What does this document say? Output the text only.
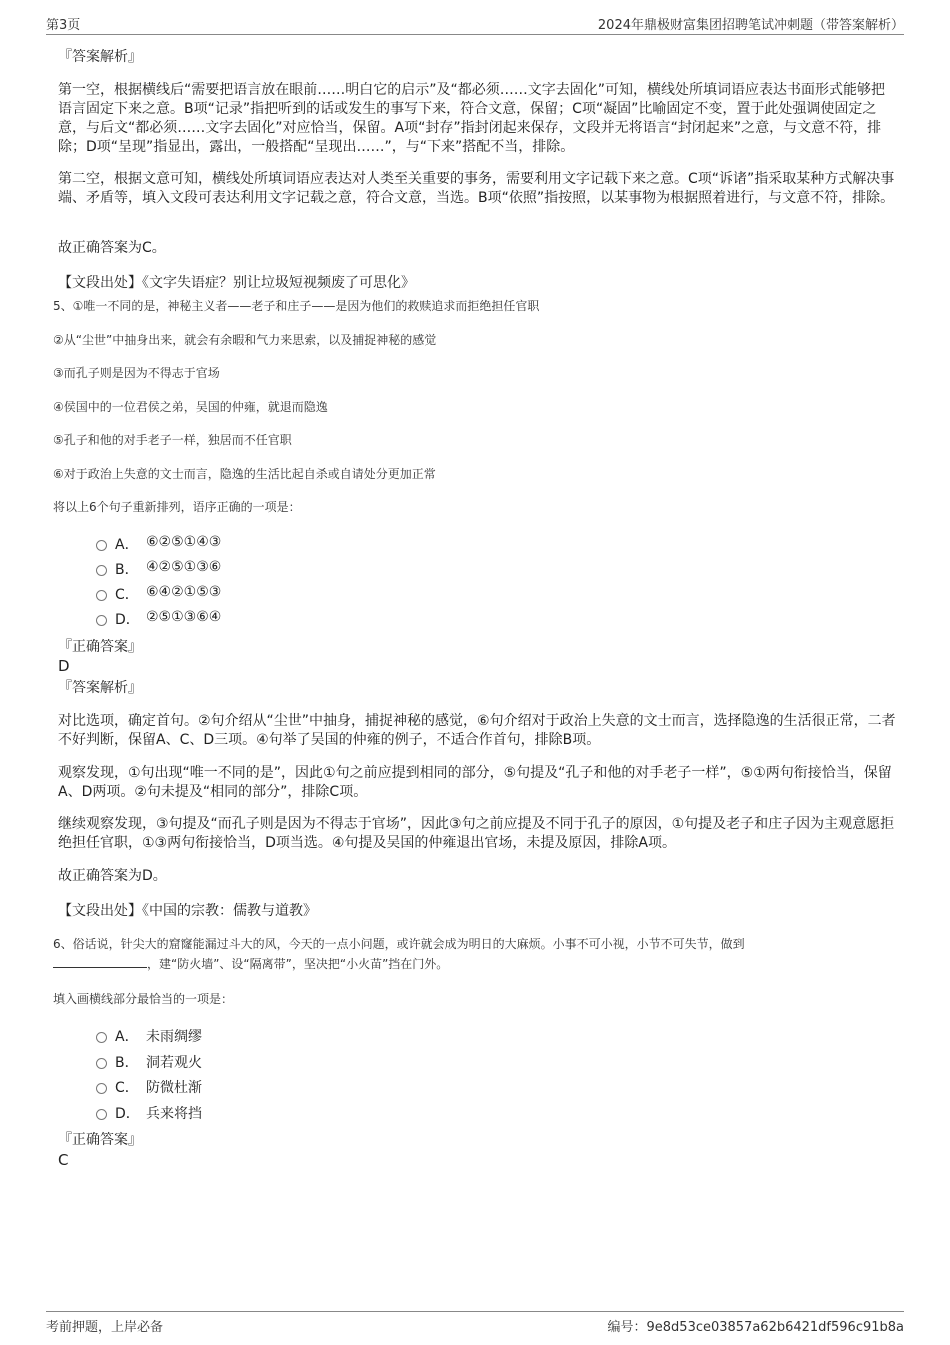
第3页	2024年鼎极财富集团招聘笔试冲刺题（带答案解析）
『答案解析』
第一空，根据横线后“需要把语言放在眼前……明白它的启示”及“都必须……文字去固化”可知，横线处所填词语应表达书面形式能够把语言固定下来之意。B项“记录”指把听到的话或发生的事写下来，符合文意，保留；C项“凝固”比喻固定不变，置于此处强调使固定之意，与后文“都必须……文字去固化”对应恰当，保留。A项“封存”指封闭起来保存，文段并无将语言“封闭起来”之意，与文意不符，排除；D项“呈现”指显出，露出，一般搭配“呈现出……”，与“下来”搭配不当，排除。
第二空，根据文意可知，横线处所填词语应表达对人类至关重要的事务，需要利用文字记载下来之意。C项“诉诸”指采取某种方式解决事端、矛盾等，填入文段可表达利用文字记载之意，符合文意，当选。B项“依照”指按照，以某事物为根据照着进行，与文意不符，排除。
故正确答案为C。
【文段出处】《文字失语症？别让垃圾短视频废了可思化》
5、①唯一不同的是，神秘主义者——老子和庄子——是因为他们的救赎追求而拒绝担任官职
②从“尘世”中抽身出来，就会有余暇和气力来思索，以及捕捉神秘的感觉
③而孔子则是因为不得志于官场
④侯国中的一位君侯之弟，吴国的仲雍，就退而隐逸
⑤孔子和他的对手老子一样，独居而不任官职
⑥对于政治上失意的文士而言，隐逸的生活比起自杀或自请处分更加正常
将以上6个句子重新排列，语序正确的一项是：
A． ⑥②⑤①④③
B． ④②⑤①③⑥
C． ⑥④②①⑤③
D． ②⑤①③⑥④
『正确答案』
D
『答案解析』
对比选项，确定首句。②句介绍从“尘世”中抽身，捕捉神秘的感觉，⑥句介绍对于政治上失意的文士而言，选择隐逸的生活很正常，二者不好判断，保留A、C、D三项。④句举了吴国的仲雍的例子，不适合作首句，排除B项。
观察发现，①句出现“唯一不同的是”，因此①句之前应提到相同的部分，⑤句提及“孔子和他的对手老子一样”，⑤①两句衔接恰当，保留A、D两项。②句未提及“相同的部分”，排除C项。
继续观察发现，③句提及“而孔子则是因为不得志于官场”，因此③句之前应提及不同于孔子的原因，①句提及老子和庄子因为主观意愿拒绝担任官职，①③两句衔接恰当，D项当选。④句提及吴国的仲雍退出官场，未提及原因，排除A项。
故正确答案为D。
【文段出处】《中国的宗教：儒教与道教》
6、俗话说，针尖大的窟窿能漏过斗大的风，今天的一点小问题，或许就会成为明日的大麻烦。小事不可小视，小节不可失节，做到
，建“防火墙”、设“隔离带”，坚决把“小火苗”挡在门外。
填入画横线部分最恰当的一项是：
A． 未雨绸缪
B． 洞若观火
C． 防微杜渐
D． 兵来将挡
『正确答案』
C
考前押题，上岸必备	编号：9e8d53ce03857a62b6421df596c91b8a
